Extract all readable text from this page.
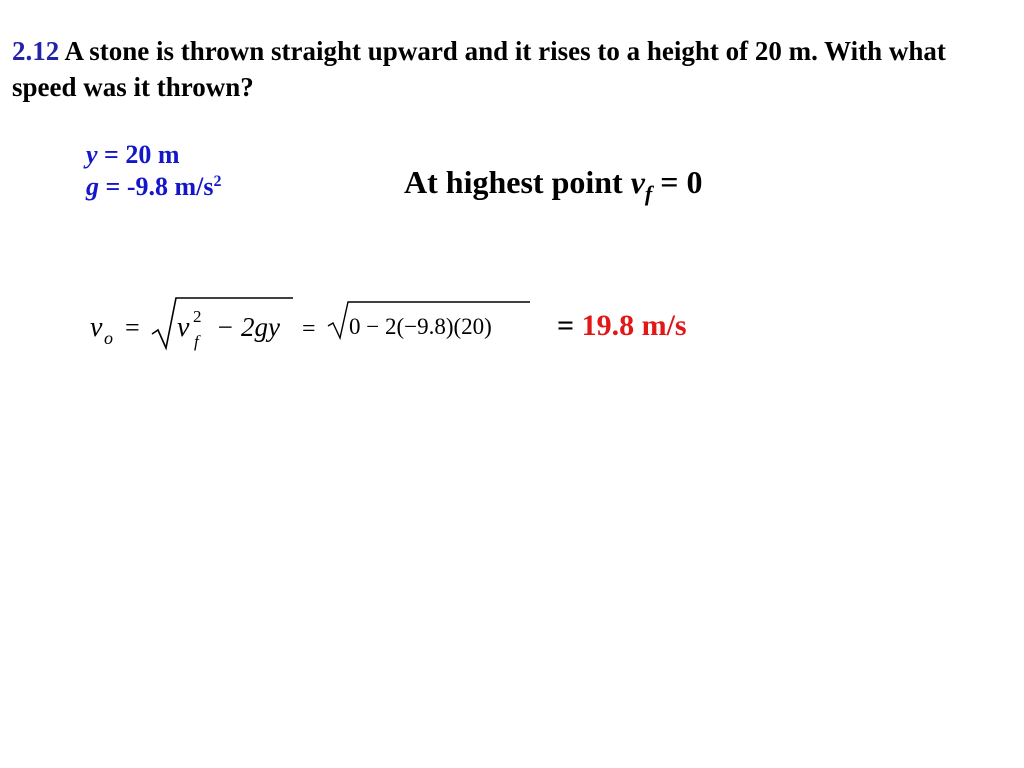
2.12 A stone is thrown straight upward and it rises to a height of 20 m. With what speed was it thrown?

y = 20 m
g = -9.8 $m/s^2$	At highest point $v_f = 0$
v o = v 2
f − 2gy = 0 − 2(−9.8)(20) = 19.8 m/s
